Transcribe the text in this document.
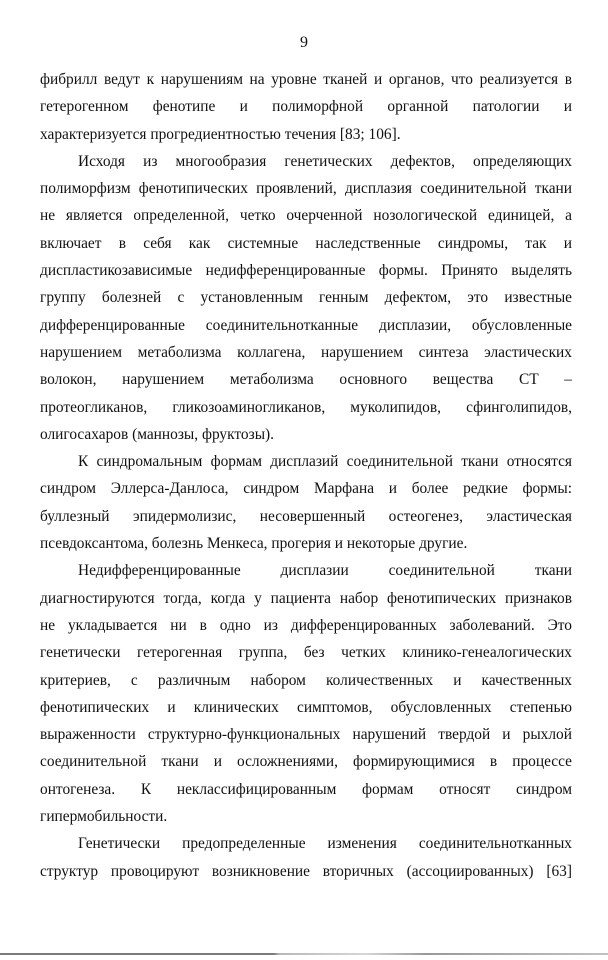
9

фибрилл ведут к нарушениям на уровне тканей и органов, что реализуется в
гетерогенном фенотипе и полиморфной органной патологии и
характеризуется прогредиентностью течения [83; 106].

Исходя из многообразия генетических дефектов, определяющих
полиморфизм фенотипических проявлений, дисплазия соединительной ткани
не является определенной, четко очерченной нозологической единицей, а
включает в себя как системные наследственные синдромы, так и
диспластикозависимые недифференцированные формы. Принято выделять
группу болезней с установленным генным дефектом, это известные
дифференцированные соединительнотканные дисплазии, обусловленные
нарушением метаболизма коллагена, нарушением синтеза эластических
волокон, нарушением метаболизма основного вещества СТ –
протеогликанов, гликозоаминогликанов, муколипидов, сфинголипидов,
олигосахаров (маннозы, фруктозы).

К синдромальным формам дисплазий соединительной ткани относятся
синдром Эллерса-Данлоса, синдром Марфана и более редкие формы:
буллезный эпидермолизис, несовершенный остеогенез, эластическая
псевдоксантома, болезнь Менкеса, прогерия и некоторые другие.

Недифференцированные дисплазии соединительной ткани
диагностируются тогда, когда у пациента набор фенотипических признаков
не укладывается ни в одно из дифференцированных заболеваний. Это
генетически гетерогенная группа, без четких клинико-генеалогических
критериев, с различным набором количественных и качественных
фенотипических и клинических симптомов, обусловленных степенью
выраженности структурно-функциональных нарушений твердой и рыхлой
соединительной ткани и осложнениями, формирующимися в процессе
онтогенеза. К неклассифицированным формам относят синдром
гипермобильности.

Генетически предопределенные изменения соединительнотканных
структур провоцируют возникновение вторичных (ассоциированных) [63]
